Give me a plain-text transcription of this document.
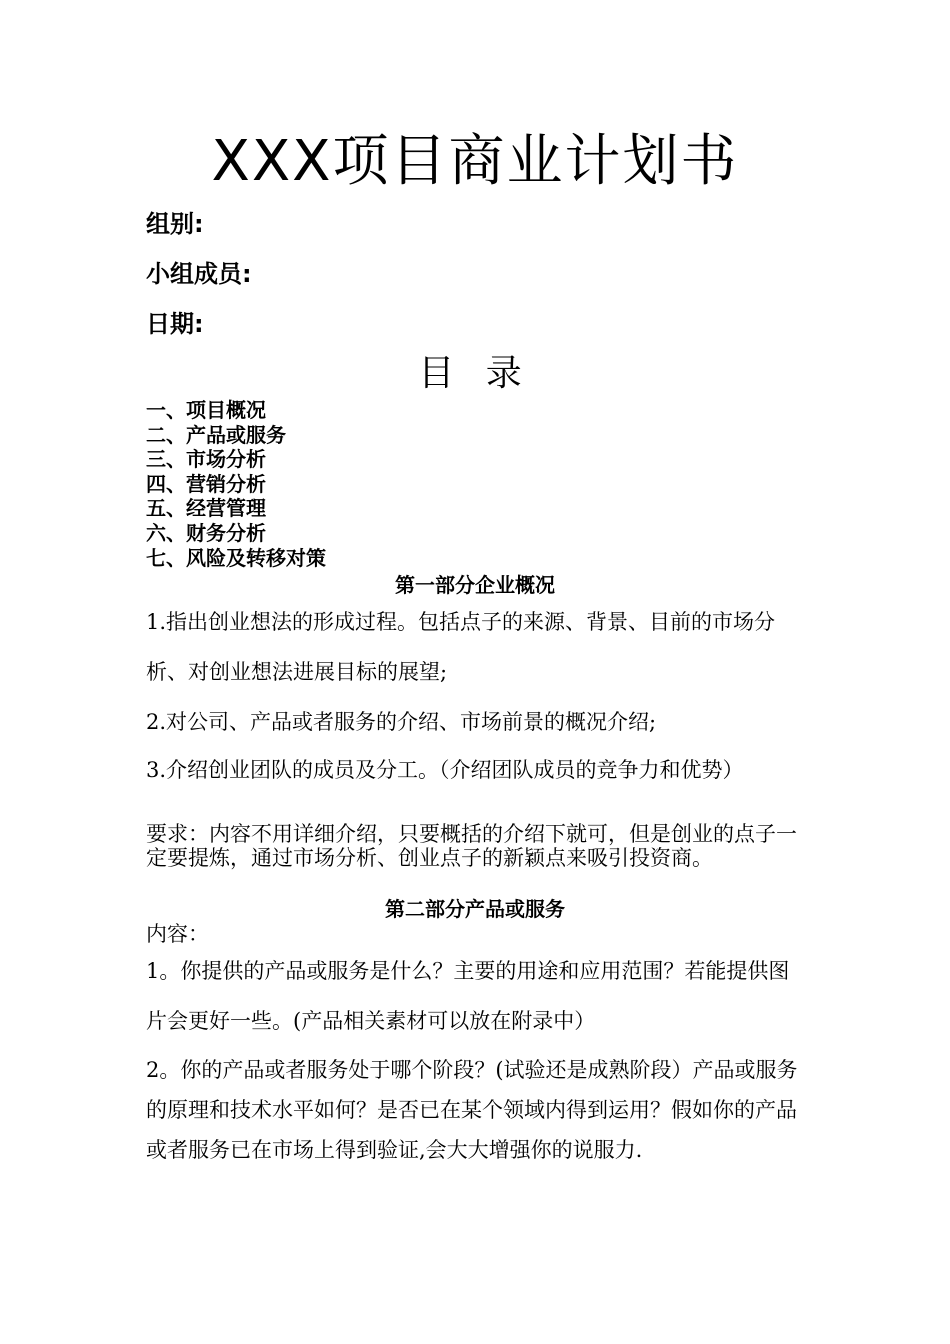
XXX项目商业计划书
组别:
小组成员:
日期:
目 录
一、项目概况
二、产品或服务
三、市场分析
四、营销分析
五、经营管理
六、财务分析
七、风险及转移对策
第一部分企业概况
1.指出创业想法的形成过程。包括点子的来源、背景、目前的市场分析、对创业想法进展目标的展望;
2.对公司、产品或者服务的介绍、市场前景的概况介绍;
3.介绍创业团队的成员及分工。（介绍团队成员的竞争力和优势）
要求：内容不用详细介绍，只要概括的介绍下就可，但是创业的点子一定要提炼，通过市场分析、创业点子的新颖点来吸引投资商。
第二部分产品或服务
内容：
1。你提供的产品或服务是什么？主要的用途和应用范围？若能提供图片会更好一些。(产品相关素材可以放在附录中）
2。你的产品或者服务处于哪个阶段？(试验还是成熟阶段）产品或服务的原理和技术水平如何？是否已在某个领域内得到运用？假如你的产品或者服务已在市场上得到验证,会大大增强你的说服力.
